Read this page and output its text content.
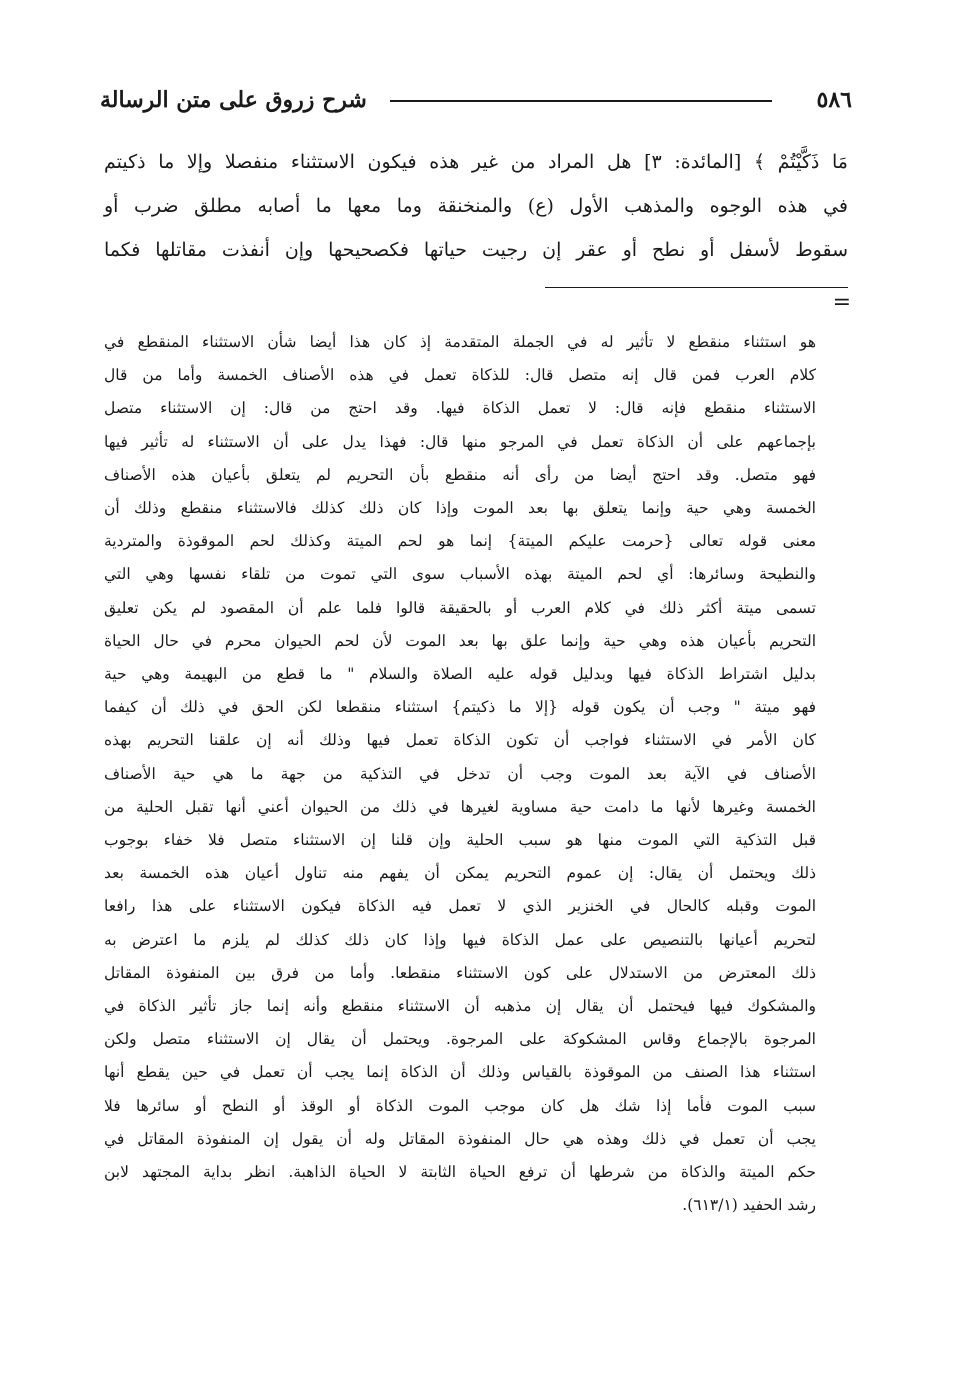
٥٨٦
شرح زروق على متن الرسالة

مَا ذَكَّيْتُمْ ﴾ [المائدة: ٣] هل المراد من غير هذه فيكون الاستثناء منفصلا وإلا ما ذكيتم
في هذه الوجوه والمذهب الأول (ع) والمنخنقة وما معها ما أصابه مطلق ضرب أو
سقوط لأسفل أو نطح أو عقر إن رجيت حياتها فكصحيحها وإن أنفذت مقاتلها فكما

=

هو استثناء منقطع لا تأثير له في الجملة المتقدمة إذ كان هذا أيضا شأن الاستثناء المنقطع في
كلام العرب فمن قال إنه متصل قال: للذكاة تعمل في هذه الأصناف الخمسة وأما من قال
الاستثناء منقطع فإنه قال: لا تعمل الذكاة فيها. وقد احتج من قال: إن الاستثناء متصل
بإجماعهم على أن الذكاة تعمل في المرجو منها قال: فهذا يدل على أن الاستثناء له تأثير فيها
فهو متصل. وقد احتج أيضا من رأى أنه منقطع بأن التحريم لم يتعلق بأعيان هذه الأصناف
الخمسة وهي حية وإنما يتعلق بها بعد الموت وإذا كان ذلك كذلك فالاستثناء منقطع وذلك أن
معنى قوله تعالى {حرمت عليكم الميتة} إنما هو لحم الميتة وكذلك لحم الموقوذة والمتردية
والنطيحة وسائرها: أي لحم الميتة بهذه الأسباب سوى التي تموت من تلقاء نفسها وهي التي
تسمى ميتة أكثر ذلك في كلام العرب أو بالحقيقة قالوا فلما علم أن المقصود لم يكن تعليق
التحريم بأعيان هذه وهي حية وإنما علق بها بعد الموت لأن لحم الحيوان محرم في حال الحياة
بدليل اشتراط الذكاة فيها وبدليل قوله عليه الصلاة والسلام " ما قطع من البهيمة وهي حية
فهو ميتة " وجب أن يكون قوله {إلا ما ذكيتم} استثناء منقطعا لكن الحق في ذلك أن كيفما
كان الأمر في الاستثناء فواجب أن تكون الذكاة تعمل فيها وذلك أنه إن علقنا التحريم بهذه
الأصناف في الآية بعد الموت وجب أن تدخل في التذكية من جهة ما هي حية الأصناف
الخمسة وغيرها لأنها ما دامت حية مساوية لغيرها في ذلك من الحيوان أعني أنها تقبل الحلية من
قبل التذكية التي الموت منها هو سبب الحلية وإن قلنا إن الاستثناء متصل فلا خفاء بوجوب
ذلك ويحتمل أن يقال: إن عموم التحريم يمكن أن يفهم منه تناول أعيان هذه الخمسة بعد
الموت وقبله كالحال في الخنزير الذي لا تعمل فيه الذكاة فيكون الاستثناء على هذا رافعا
لتحريم أعيانها بالتنصيص على عمل الذكاة فيها وإذا كان ذلك كذلك لم يلزم ما اعترض به
ذلك المعترض من الاستدلال على كون الاستثناء منقطعا. وأما من فرق بين المنفوذة المقاتل
والمشكوك فيها فيحتمل أن يقال إن مذهبه أن الاستثناء منقطع وأنه إنما جاز تأثير الذكاة في
المرجوة بالإجماع وقاس المشكوكة على المرجوة. ويحتمل أن يقال إن الاستثناء متصل ولكن
استثناء هذا الصنف من الموقوذة بالقياس وذلك أن الذكاة إنما يجب أن تعمل في حين يقطع أنها
سبب الموت فأما إذا شك هل كان موجب الموت الذكاة أو الوقذ أو النطح أو سائرها فلا
يجب أن تعمل في ذلك وهذه هي حال المنفوذة المقاتل وله أن يقول إن المنفوذة المقاتل في
حكم الميتة والذكاة من شرطها أن ترفع الحياة الثابتة لا الحياة الذاهبة. انظر بداية المجتهد لابن
رشد الحفيد (٦١٣/١).
